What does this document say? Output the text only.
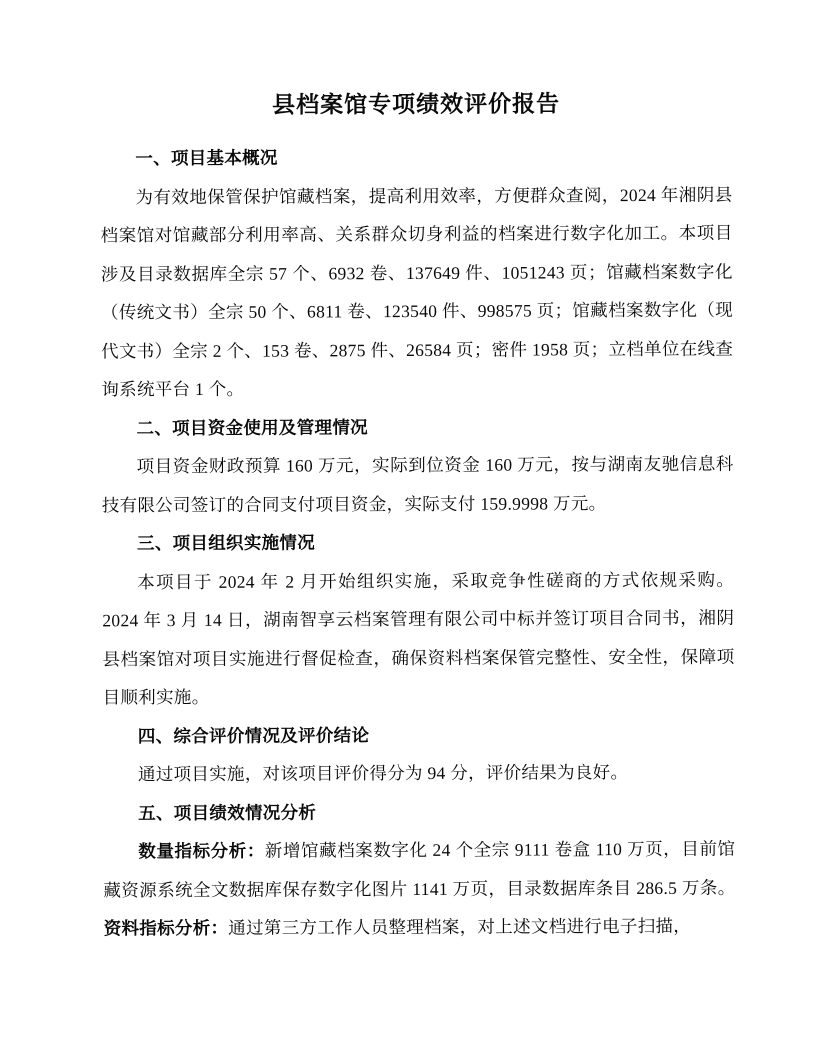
县档案馆专项绩效评价报告

一、项目基本概况

为有效地保管保护馆藏档案，提高利用效率，方便群众查阅，2024 年湘阴县档案馆对馆藏部分利用率高、关系群众切身利益的档案进行数字化加工。本项目涉及目录数据库全宗 57 个、6932 卷、137649 件、1051243 页；馆藏档案数字化（传统文书）全宗 50 个、6811 卷、123540 件、998575 页；馆藏档案数字化（现代文书）全宗 2 个、153 卷、2875 件、26584 页；密件 1958 页；立档单位在线查询系统平台 1 个。

二、项目资金使用及管理情况

项目资金财政预算 160 万元，实际到位资金 160 万元，按与湖南友驰信息科技有限公司签订的合同支付项目资金，实际支付 159.9998 万元。

三、项目组织实施情况

本项目于 2024 年 2 月开始组织实施，采取竞争性磋商的方式依规采购。2024 年 3 月 14 日，湖南智享云档案管理有限公司中标并签订项目合同书，湘阴县档案馆对项目实施进行督促检查，确保资料档案保管完整性、安全性，保障项目顺利实施。

四、综合评价情况及评价结论

通过项目实施，对该项目评价得分为 94 分，评价结果为良好。

五、项目绩效情况分析

数量指标分析：新增馆藏档案数字化 24 个全宗 9111 卷盒 110 万页，目前馆藏资源系统全文数据库保存数字化图片 1141 万页，目录数据库条目 286.5 万条。资料指标分析：通过第三方工作人员整理档案，对上述文档进行电子扫描，
